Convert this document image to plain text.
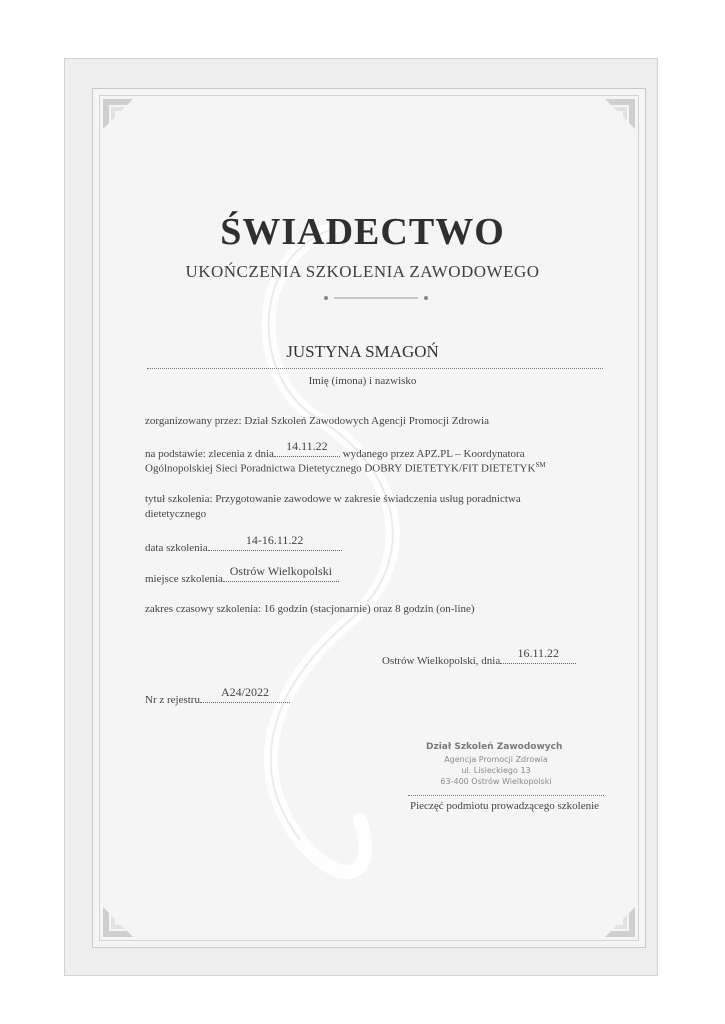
ŚWIADECTWO
UKOŃCZENIA SZKOLENIA ZAWODOWEGO
JUSTYNA SMAGOŃ
Imię (imona) i nazwisko
zorganizowany przez: Dział Szkoleń Zawodowych Agencji Promocji Zdrowia
na podstawie: zlecenia z dnia
14.11.22
wydanego przez APZ.PL – Koordynatora
Ogólnopolskiej Sieci Poradnictwa Dietetycznego DOBRY DIETETYK/FIT DIETETYK℠
tytuł szkolenia: Przygotowanie zawodowe w zakresie świadczenia usług poradnictwa
dietetycznego
data szkolenia
14-16.11.22
miejsce szkolenia
Ostrów Wielkopolski
zakres czasowy szkolenia: 16 godzin (stacjonarnie) oraz 8 godzin (on-line)
Ostrów Wielkopolski, dnia
16.11.22
Nr z rejestru
A24/2022
Dział Szkoleń Zawodowych
Agencja Promocji Zdrowia
ul. Lisieckiego 13
63-400 Ostrów Wielkopolski
Pieczęć podmiotu prowadzącego szkolenie
